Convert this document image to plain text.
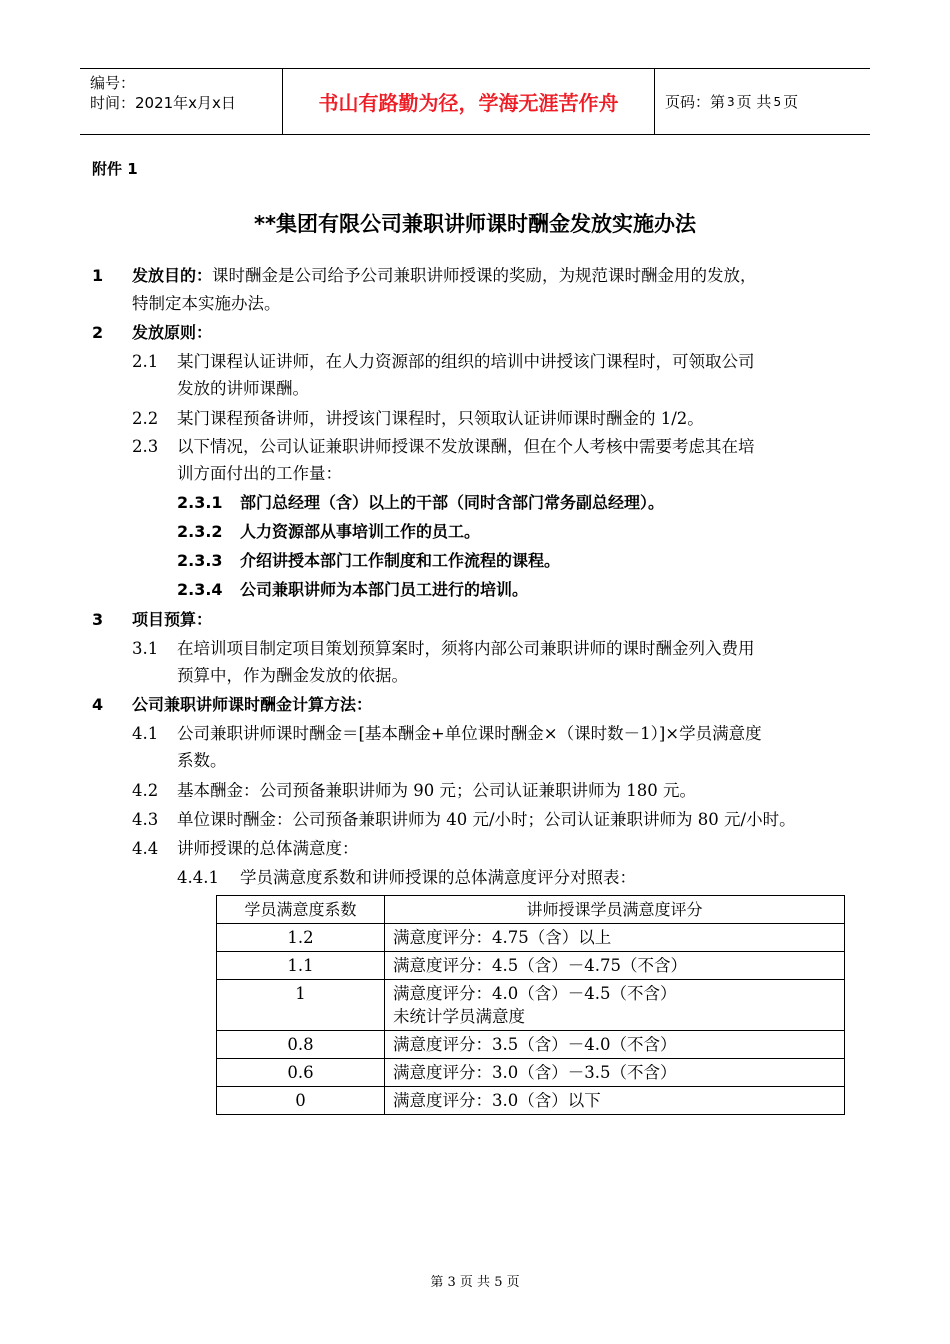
编号：
时间：2021年x月x日	书山有路勤为径，学海无涯苦作舟	页码：第 3 页 共 5 页
附件 1
**集团有限公司兼职讲师课时酬金发放实施办法
1 发放目的：课时酬金是公司给予公司兼职讲师授课的奖励，为规范课时酬金用的发放，
特制定本实施办法。
2 发放原则：
2.1 某门课程认证讲师，在人力资源部的组织的培训中讲授该门课程时，可领取公司
发放的讲师课酬。
2.2 某门课程预备讲师，讲授该门课程时，只领取认证讲师课时酬金的 1/2。
2.3 以下情况，公司认证兼职讲师授课不发放课酬，但在个人考核中需要考虑其在培
训方面付出的工作量：
2.3.1 部门总经理（含）以上的干部（同时含部门常务副总经理）。
2.3.2 人力资源部从事培训工作的员工。
2.3.3 介绍讲授本部门工作制度和工作流程的课程。
2.3.4 公司兼职讲师为本部门员工进行的培训。
3 项目预算：
3.1 在培训项目制定项目策划预算案时，须将内部公司兼职讲师的课时酬金列入费用
预算中，作为酬金发放的依据。
4 公司兼职讲师课时酬金计算方法：
4.1 公司兼职讲师课时酬金＝[基本酬金+单位课时酬金×（课时数－1）]×学员满意度
系数。
4.2 基本酬金：公司预备兼职讲师为 90 元；公司认证兼职讲师为 180 元。
4.3 单位课时酬金：公司预备兼职讲师为 40 元/小时；公司认证兼职讲师为 80 元/小时。
4.4 讲师授课的总体满意度：
4.4.1 学员满意度系数和讲师授课的总体满意度评分对照表：
学员满意度系数	讲师授课学员满意度评分
1.2	满意度评分：4.75（含）以上
1.1	满意度评分：4.5（含）－4.75（不含）
1	满意度评分：4.0（含）－4.5（不含）
未统计学员满意度

0.8	满意度评分：3.5（含）－4.0（不含）
0.6	满意度评分：3.0（含）－3.5（不含）
0	满意度评分：3.0（含）以下
第 3 页 共 5 页
